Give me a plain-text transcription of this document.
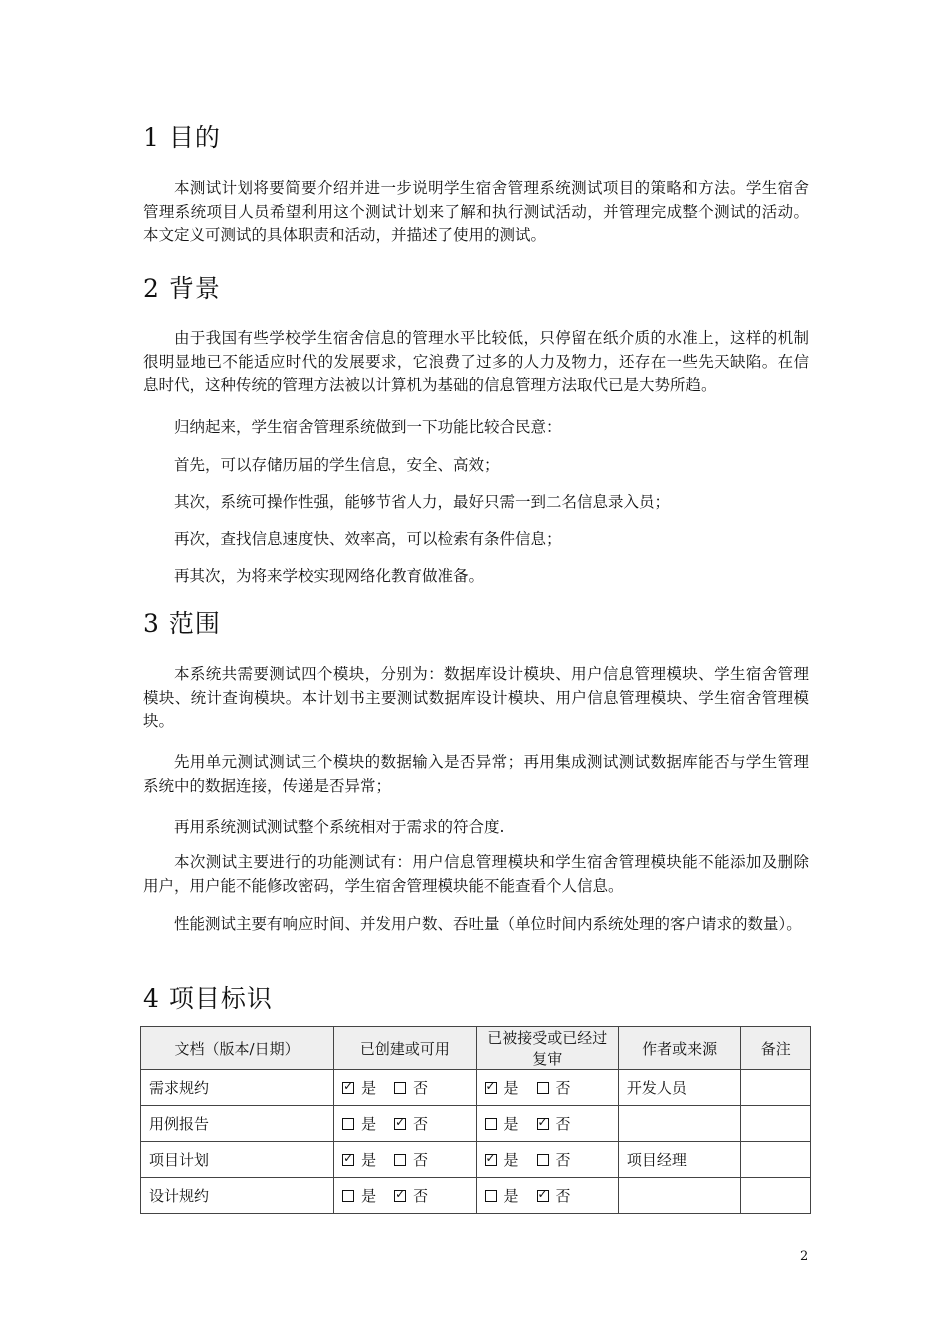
1 目的

本测试计划将要简要介绍并进一步说明学生宿舍管理系统测试项目的策略和方法。学生宿舍管理系统项目人员希望利用这个测试计划来了解和执行测试活动，并管理完成整个测试的活动。本文定义可测试的具体职责和活动，并描述了使用的测试。

2 背景

由于我国有些学校学生宿舍信息的管理水平比较低，只停留在纸介质的水准上，这样的机制很明显地已不能适应时代的发展要求，它浪费了过多的人力及物力，还存在一些先天缺陷。在信息时代，这种传统的管理方法被以计算机为基础的信息管理方法取代已是大势所趋。

归纳起来，学生宿舍管理系统做到一下功能比较合民意：

首先，可以存储历届的学生信息，安全、高效；

其次，系统可操作性强，能够节省人力，最好只需一到二名信息录入员；

再次，查找信息速度快、效率高，可以检索有条件信息；

再其次，为将来学校实现网络化教育做准备。

3 范围

本系统共需要测试四个模块，分别为：数据库设计模块、用户信息管理模块、学生宿舍管理模块、统计查询模块。本计划书主要测试数据库设计模块、用户信息管理模块、学生宿舍管理模块。

先用单元测试测试三个模块的数据输入是否异常；再用集成测试测试数据库能否与学生管理系统中的数据连接，传递是否异常；

再用系统测试测试整个系统相对于需求的符合度.

本次测试主要进行的功能测试有：用户信息管理模块和学生宿舍管理模块能不能添加及删除用户，用户能不能修改密码，学生宿舍管理模块能不能查看个人信息。

性能测试主要有响应时间、并发用户数、吞吐量（单位时间内系统处理的客户请求的数量）。

4 项目标识
文档（版本/日期）	已创建或可用	已被接受或已经过复审	作者或来源	备注
需求规约	✓是 否	✓是 否	开发人员	
用例报告	是 ✓ 否	是 ✓ 否		
项目计划	✓是 否	✓是 否	项目经理	
设计规约	是 ✓ 否	是 ✓ 否		
2
